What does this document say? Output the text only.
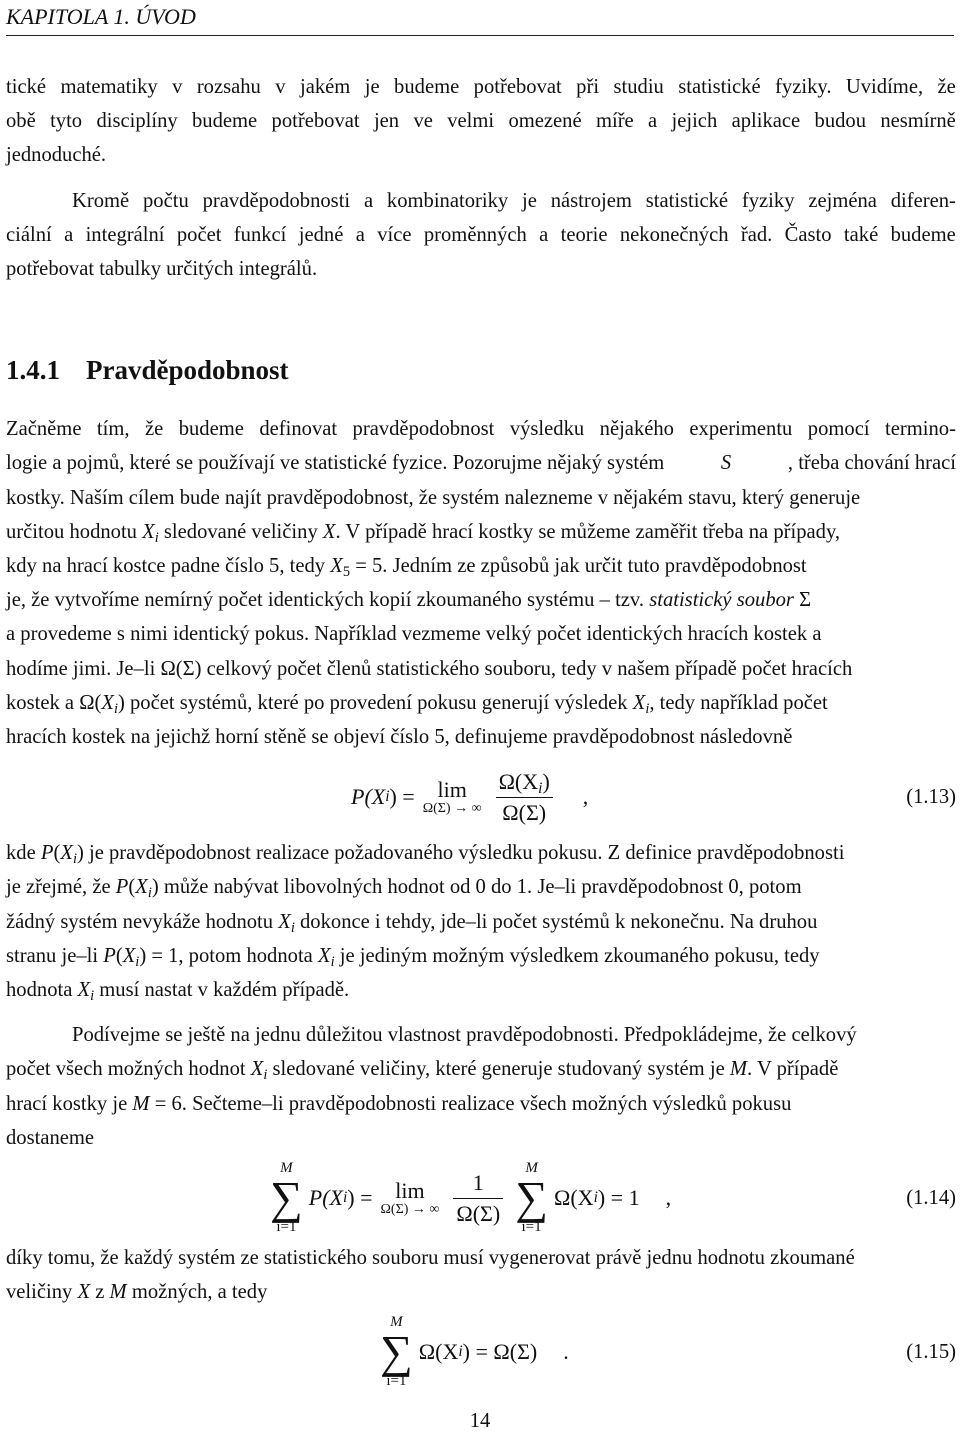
KAPITOLA 1. ÚVOD
tické matematiky v rozsahu v jakém je budeme potřebovat při studiu statistické fyziky. Uvidíme, že
obě tyto disciplíny budeme potřebovat jen ve velmi omezené míře a jejich aplikace budou nesmírně
jednoduché.
Kromě počtu pravděpodobnosti a kombinatoriky je nástrojem statistické fyziky zejména diferen-
ciální a integrální počet funkcí jedné a více proměnných a teorie nekonečných řad. Často také budeme
potřebovat tabulky určitých integrálů.
1.4.1 Pravděpodobnost
Začněme tím, že budeme definovat pravděpodobnost výsledku nějakého experimentu pomocí termino-
logie a pojmů, které se používají ve statistické fyzice. Pozorujme nějaký systém	S	, třeba chování hrací
kostky. Naším cílem bude najít pravděpodobnost, že systém nalezneme v nějakém stavu, který generuje
určitou hodnotu $X_i$ sledované veličiny X. V případě hrací kostky se můžeme zaměřit třeba na případy,
kdy na hrací kostce padne číslo 5, tedy $X_5 = 5$. Jedním ze způsobů jak určit tuto pravděpodobnost
je, že vytvoříme nemírný počet identických kopií zkoumaného systému – tzv. statistický soubor Σ
a provedeme s nimi identický pokus. Například vezmeme velký počet identických hracích kostek a
hodíme jimi. Je–li Ω(Σ) celkový počet členů statistického souboru, tedy v našem případě počet hracích
kostek a $\Omega(X_i)$ počet systémů, které po provedení pokusu generují výsledek $X_i$, tedy například počet
hracích kostek na jejichž horní stěně se objeví číslo 5, definujeme pravděpodobnost následovně
P(X i ) = lim
Ω(Σ) → ∞ $\frac{\Omega(X_i)}{\Omega(\Sigma)}$ ,	(1.13)
kde $P(X_i)$ je pravděpodobnost realizace požadovaného výsledku pokusu. Z definice pravděpodobnosti
je zřejmé, že $P(X_i)$ může nabývat libovolných hodnot od 0 do 1. Je–li pravděpodobnost 0, potom
žádný systém nevykáže hodnotu $X_i$ dokonce i tehdy, jde–li počet systémů k nekonečnu. Na druhou
stranu je–li $P(X_i) = 1$, potom hodnota $X_i$ je jediným možným výsledkem zkoumaného pokusu, tedy
hodnota $X_i$ musí nastat v každém případě.
Podívejme se ještě na jednu důležitou vlastnost pravděpodobnosti. Předpokládejme, že celkový
počet všech možných hodnot $X_i$ sledované veličiny, které generuje studovaný systém je M. V případě
hrací kostky je M = 6. Sečteme–li pravděpodobnosti realizace všech možných výsledků pokusu
dostaneme
M
∑
i=1
P(X i ) = lim
Ω(Σ) → ∞ $\frac{1}{\Omega(\Sigma)}$ M
∑
i=1
Ω(X i ) = 1 ,	(1.14)
díky tomu, že každý systém ze statistického souboru musí vygenerovat právě jednu hodnotu zkoumané
veličiny X z M možných, a tedy
M
∑
i=1
Ω(X i ) = Ω(Σ) .	(1.15)
14
